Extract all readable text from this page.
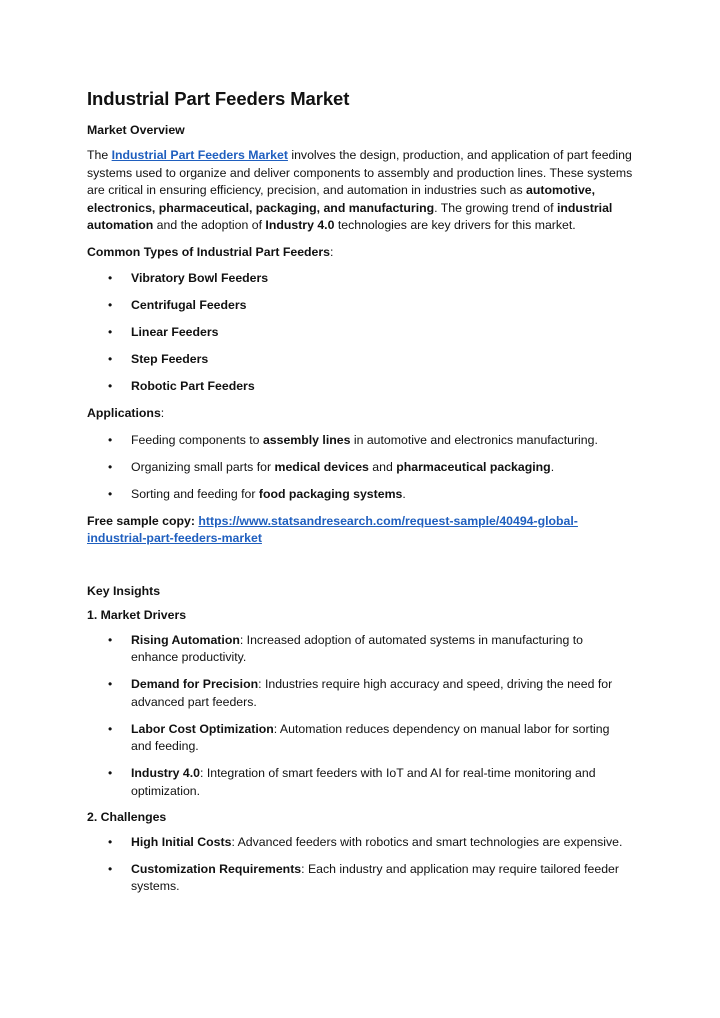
Industrial Part Feeders Market
Market Overview

The Industrial Part Feeders Market involves the design, production, and application of part feeding systems used to organize and deliver components to assembly and production lines. These systems are critical in ensuring efficiency, precision, and automation in industries such as automotive, electronics, pharmaceutical, packaging, and manufacturing. The growing trend of industrial automation and the adoption of Industry 4.0 technologies are key drivers for this market.

Common Types of Industrial Part Feeders:

• Vibratory Bowl Feeders
• Centrifugal Feeders
• Linear Feeders
• Step Feeders
• Robotic Part Feeders

Applications:

• Feeding components to assembly lines in automotive and electronics manufacturing.
• Organizing small parts for medical devices and pharmaceutical packaging.
• Sorting and feeding for food packaging systems.

Free sample copy: https://www.statsandresearch.com/request-sample/40494-global-industrial-part-feeders-market

Key Insights
1. Market Drivers
• Rising Automation: Increased adoption of automated systems in manufacturing to enhance productivity.
• Demand for Precision: Industries require high accuracy and speed, driving the need for advanced part feeders.
• Labor Cost Optimization: Automation reduces dependency on manual labor for sorting and feeding.
• Industry 4.0: Integration of smart feeders with IoT and AI for real-time monitoring and optimization.
2. Challenges
• High Initial Costs: Advanced feeders with robotics and smart technologies are expensive.
• Customization Requirements: Each industry and application may require tailored feeder systems.
